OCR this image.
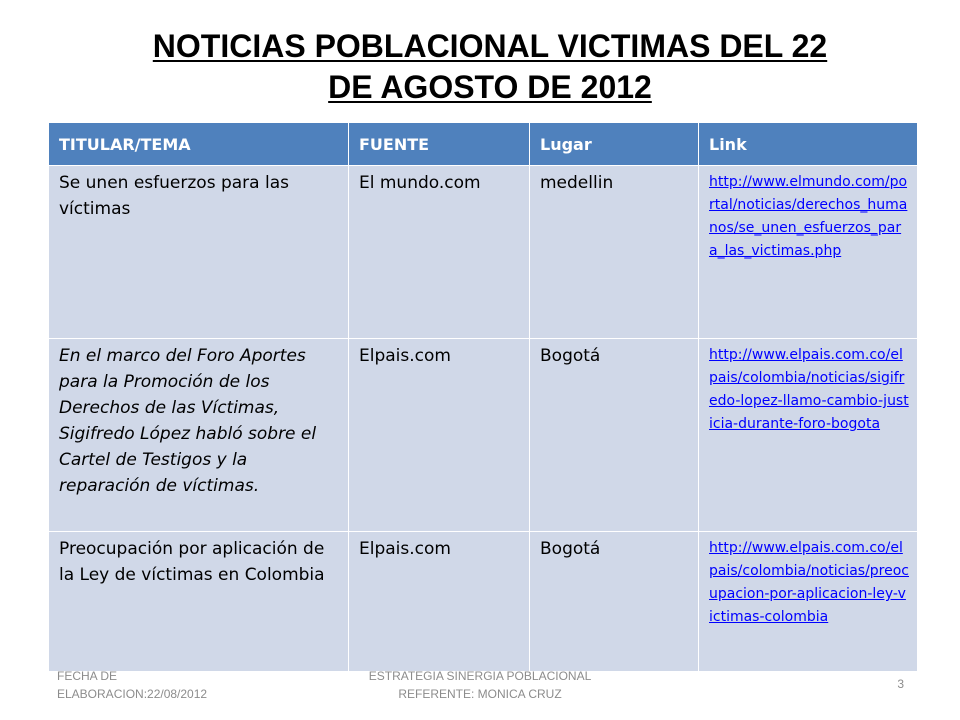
NOTICIAS POBLACIONAL VICTIMAS DEL 22
DE AGOSTO DE 2012
TITULAR/TEMA	FUENTE	Lugar	Link
Se unen esfuerzos para las víctimas	El mundo.com	medellin	http://www.elmundo.com/portal/noticias/derechos_humanos/se_unen_esfuerzos_para_las_victimas.php
En el marco del Foro Aportes para la Promoción de los Derechos de las Víctimas, Sigifredo López habló sobre el Cartel de Testigos y la reparación de víctimas.	Elpais.com	Bogotá	http://www.elpais.com.co/elpais/colombia/noticias/sigifredo-lopez-llamo-cambio-justicia-durante-foro-bogota
Preocupación por aplicación de la Ley de víctimas en Colombia	Elpais.com	Bogotá	http://www.elpais.com.co/elpais/colombia/noticias/preocupacion-por-aplicacion-ley-victimas-colombia
FECHA DE
ELABORACION:22/08/2012
ESTRATEGIA SINERGIA POBLACIONAL
REFERENTE: MONICA CRUZ
3
